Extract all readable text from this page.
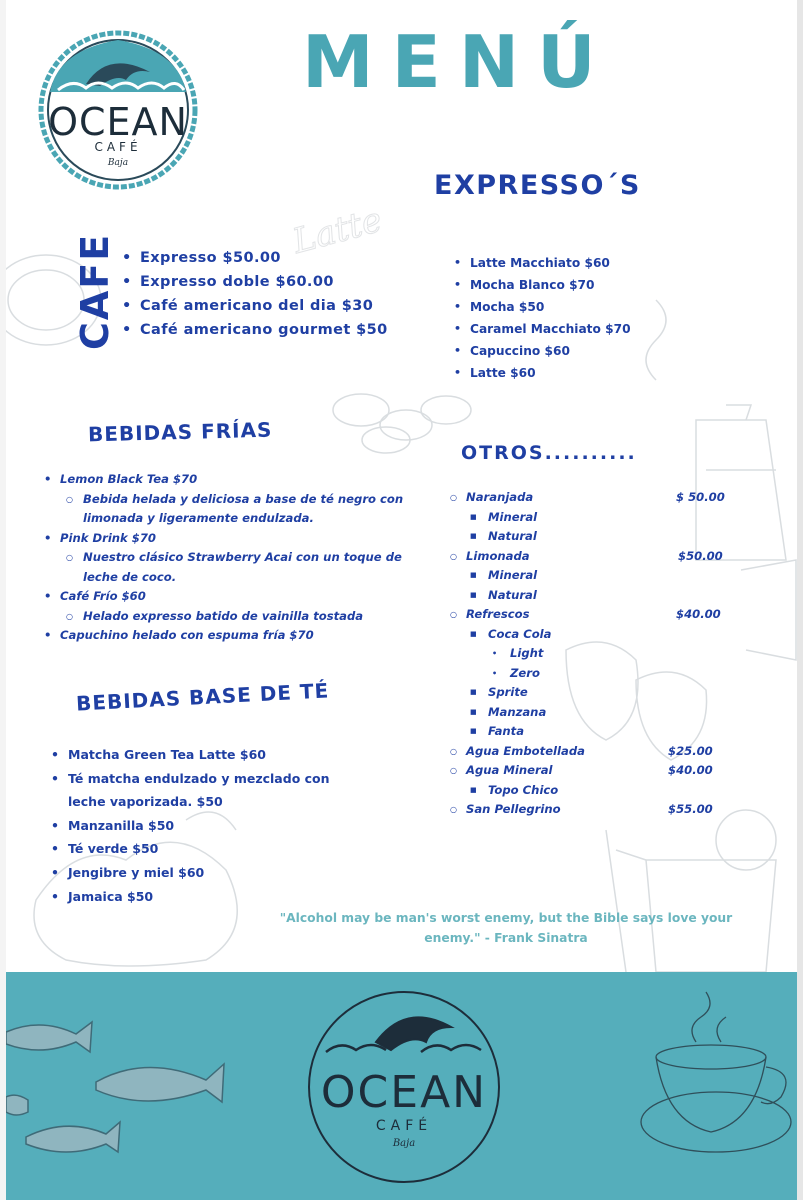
Latte
OCEAN
CAFÉ
Baja
MENÚ
CAFE
•	Expresso $50.00
• Expresso doble $60.00
• Café americano del dia $30
• Café americano gourmet $50
EXPRESSO´S
• Latte Macchiato $60
• Mocha Blanco $70
• Mocha $50
• Caramel Macchiato $70
• Capuccino $60
• Latte $60
BEBIDAS FRÍAS
• Lemon Black Tea $70
○ Bebida helada y deliciosa a base de té negro con
limonada y ligeramente endulzada.
• Pink Drink $70
○ Nuestro clásico Strawberry Acai con un toque de
leche de coco.
• Café Frío $60
○ Helado expresso batido de vainilla tostada
• Capuchino helado con espuma fría $70
BEBIDAS BASE DE TÉ
• Matcha Green Tea Latte $60
• Té matcha endulzado y mezclado con leche vaporizada. $50
• Manzanilla $50
• Té verde $50
• Jengibre y miel $60
• Jamaica $50
OTROS..........
○ Naranjada	$ 50.00
■ Mineral
■ Natural
○ Limonada	$50.00
■ Mineral
■ Natural
○ Refrescos	$40.00
■ Coca Cola
• Light
• Zero
■ Sprite
■ Manzana
■ Fanta
○ Agua Embotellada	$25.00
○ Agua Mineral	$40.00
■ Topo Chico
○ San Pellegrino	$55.00
"Alcohol may be man's worst enemy, but the Bible says love your
enemy." - Frank Sinatra
OCEAN
CAFÉ
Baja
